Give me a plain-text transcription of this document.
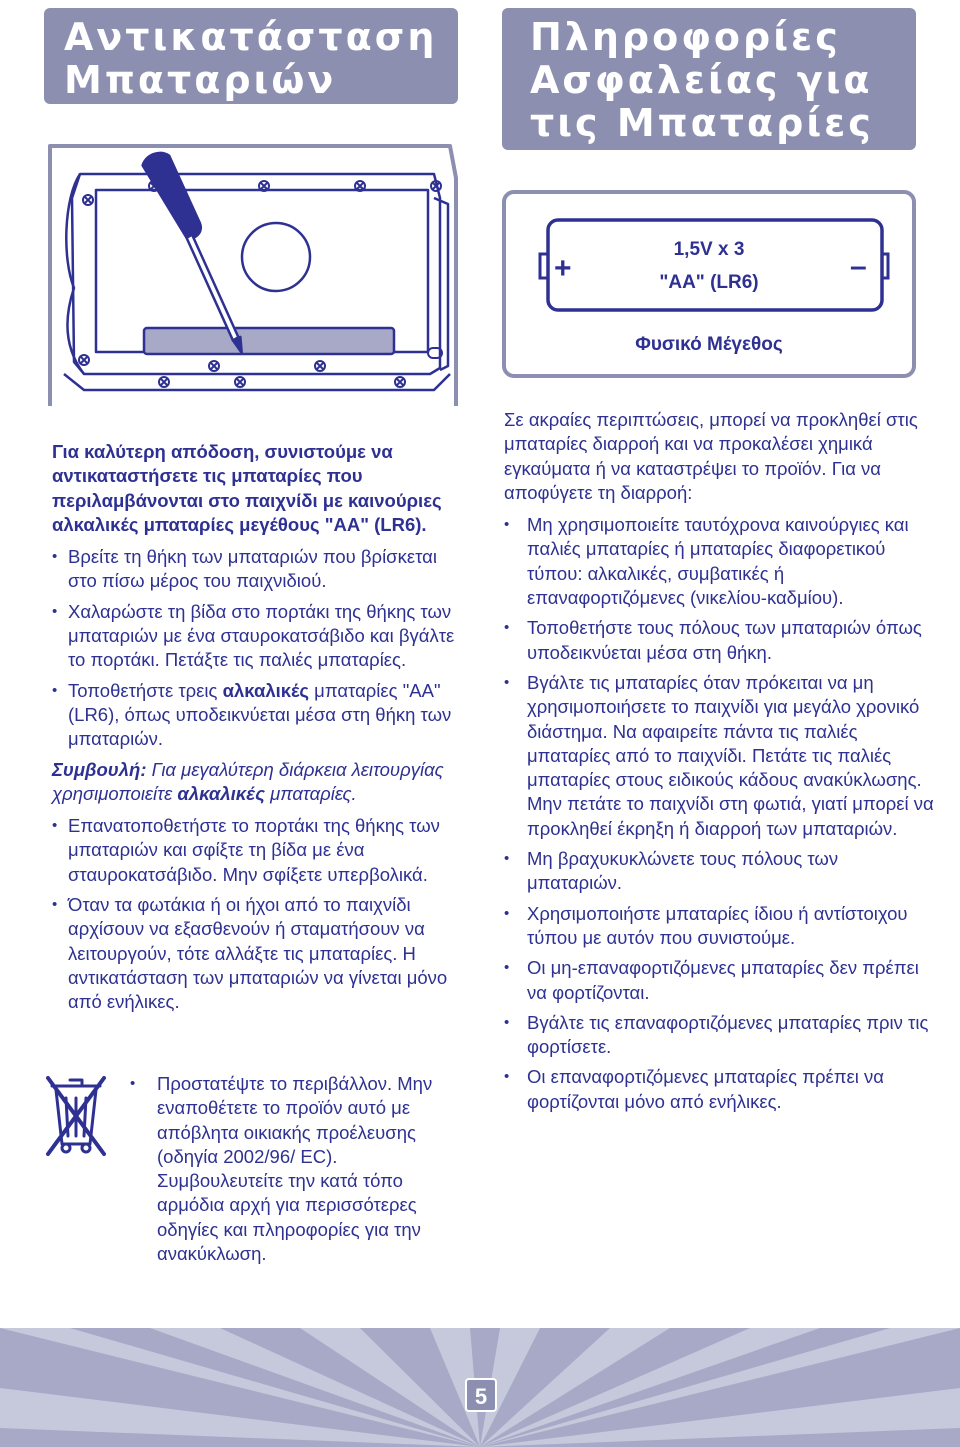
Αντικατάσταση Μπαταριών
Πληροφορίες Ασφαλείας για τις Μπαταρίες
+	–
1,5V x 3
"AA" (LR6)
Φυσικό Μέγεθος

Για καλύτερη απόδοση, συνιστούμε να αντικαταστήσετε τις μπαταρίες που περιλαμβάνονται στο παιχνίδι με καινούριες αλκαλικές μπαταρίες μεγέθους "AA" (LR6).

• Βρείτε τη θήκη των μπαταριών που βρίσκεται στο πίσω μέρος του παιχνιδιού.
• Χαλαρώστε τη βίδα στο πορτάκι της θήκης των μπαταριών με ένα σταυροκατσάβιδο και βγάλτε το πορτάκι. Πετάξτε τις παλιές μπαταρίες.
• Τοποθετήστε τρεις αλκαλικές μπαταρίες "AA" (LR6), όπως υποδεικνύεται μέσα στη θήκη των μπαταριών.

Συμβουλή: Για μεγαλύτερη διάρκεια λειτουργίας χρησιμοποιείτε αλκαλικές μπαταρίες.

• Επανατοποθετήστε το πορτάκι της θήκης των μπαταριών και σφίξτε τη βίδα με ένα σταυροκατσάβιδο. Μην σφίξετε υπερβολικά.
• Όταν τα φωτάκια ή οι ήχοι από το παιχνίδι αρχίσουν να εξασθενούν ή σταματήσουν να λειτουργούν, τότε αλλάξτε τις μπαταρίες. Η αντικατάσταση των μπαταριών να γίνεται μόνο από ενήλικες.
• Προστατέψτε το περιβάλλον. Μην εναποθέτετε το προϊόν αυτό με απόβλητα οικιακής προέλευσης (οδηγία 2002/96/ EC). Συμβουλευτείτε την κατά τόπο αρμόδια αρχή για περισσότερες οδηγίες και πληροφορίες για την ανακύκλωση.

Σε ακραίες περιπτώσεις, μπορεί να προκληθεί στις μπαταρίες διαρροή και να προκαλέσει χημικά εγκαύματα ή να καταστρέψει το προϊόν. Για να αποφύγετε τη διαρροή:

• Μη χρησιμοποιείτε ταυτόχρονα καινούργιες και παλιές μπαταρίες ή μπαταρίες διαφορετικού τύπου: αλκαλικές, συμβατικές ή επαναφορτιζόμενες (νικελίου-καδμίου).
• Τοποθετήστε τους πόλους των μπαταριών όπως υποδεικνύεται μέσα στη θήκη.
• Βγάλτε τις μπαταρίες όταν πρόκειται να μη χρησιμοποιήσετε το παιχνίδι για μεγάλο χρονικό διάστημα. Να αφαιρείτε πάντα τις παλιές μπαταρίες από το παιχνίδι. Πετάτε τις παλιές μπαταρίες στους ειδικούς κάδους ανακύκλωσης. Μην πετάτε το παιχνίδι στη φωτιά, γιατί μπορεί να προκληθεί έκρηξη ή διαρροή των μπαταριών.
• Μη βραχυκυκλώνετε τους πόλους των μπαταριών.
• Χρησιμοποιήστε μπαταρίες ίδιου ή αντίστοιχου τύπου με αυτόν που συνιστούμε.
• Οι μη-επαναφορτιζόμενες μπαταρίες δεν πρέπει να φορτίζονται.
• Βγάλτε τις επαναφορτιζόμενες μπαταρίες πριν τις φορτίσετε.
• Οι επαναφορτιζόμενες μπαταρίες πρέπει να φορτίζονται μόνο από ενήλικες.
5
